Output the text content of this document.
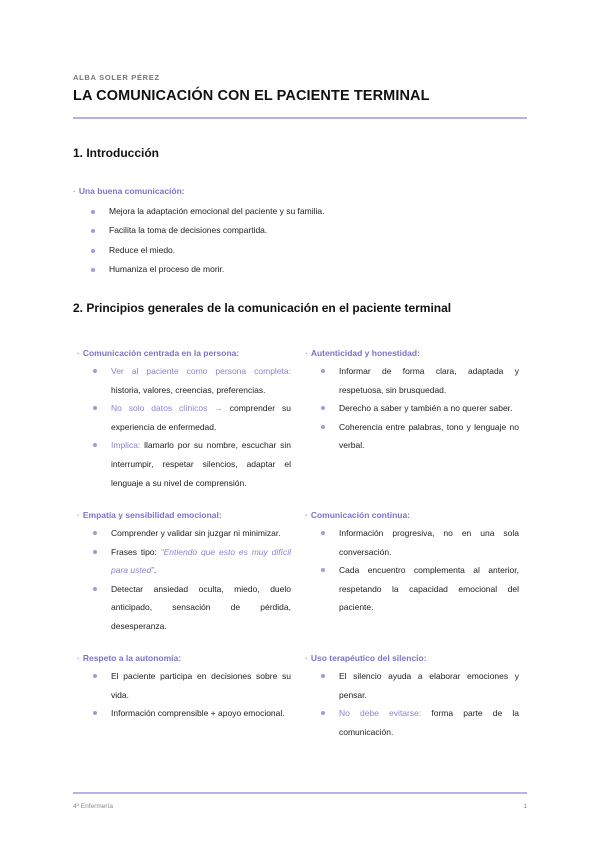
ALBA SOLER PÉREZ
LA COMUNICACIÓN CON EL PACIENTE TERMINAL
1. Introducción
· Una buena comunicación:
Mejora la adaptación emocional del paciente y su familia.
Facilita la toma de decisiones compartida.
Reduce el miedo.
Humaniza el proceso de morir.
2. Principios generales de la comunicación en el paciente terminal
· Comunicación centrada en la persona:
Ver al paciente como persona completa: historia, valores, creencias, preferencias.
No solo datos clínicos → comprender su experiencia de enfermedad.
Implica: llamarlo por su nombre, escuchar sin interrumpir, respetar silencios, adaptar el lenguaje a su nivel de comprensión.
· Autenticidad y honestidad:
Informar de forma clara, adaptada y respetuosa, sin brusquedad.
Derecho a saber y también a no querer saber.
Coherencia entre palabras, tono y lenguaje no verbal.
· Empatía y sensibilidad emocional:
Comprender y validar sin juzgar ni minimizar.
Frases tipo: “Entiendo que esto es muy difícil para usted”.
Detectar ansiedad oculta, miedo, duelo anticipado, sensación de pérdida, desesperanza.
· Comunicación continua:
Información progresiva, no en una sola conversación.
Cada encuentro complementa al anterior, respetando la capacidad emocional del paciente.
· Respeto a la autonomía:
El paciente participa en decisiones sobre su vida.
Información comprensible + apoyo emocional.
· Uso terapéutico del silencio:
El silencio ayuda a elaborar emociones y pensar.
No debe evitarse: forma parte de la comunicación.
4º Enfermería	1
